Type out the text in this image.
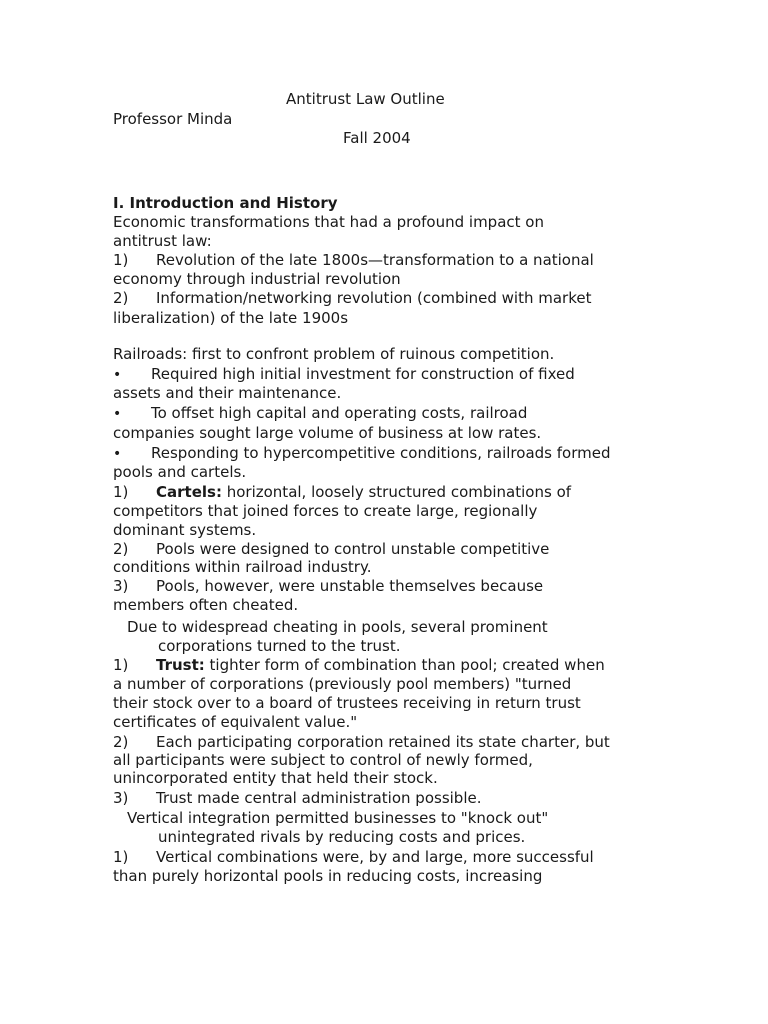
Antitrust Law Outline
Professor Minda
Fall 2004
I. Introduction and History
Economic transformations that had a profound impact on
antitrust law:
1) Revolution of the late 1800s—transformation to a national
economy through industrial revolution
2) Information/networking revolution (combined with market
liberalization) of the late 1900s
Railroads: first to confront problem of ruinous competition.
• Required high initial investment for construction of fixed
assets and their maintenance.
• To offset high capital and operating costs, railroad
companies sought large volume of business at low rates.
• Responding to hypercompetitive conditions, railroads formed
pools and cartels.
1) Cartels: horizontal, loosely structured combinations of
competitors that joined forces to create large, regionally
dominant systems.
2) Pools were designed to control unstable competitive
conditions within railroad industry.
3) Pools, however, were unstable themselves because
members often cheated.
Due to widespread cheating in pools, several prominent
corporations turned to the trust.
1) Trust: tighter form of combination than pool; created when
a number of corporations (previously pool members) "turned
their stock over to a board of trustees receiving in return trust
certificates of equivalent value."
2) Each participating corporation retained its state charter, but
all participants were subject to control of newly formed,
unincorporated entity that held their stock.
3) Trust made central administration possible.
Vertical integration permitted businesses to "knock out"
unintegrated rivals by reducing costs and prices.
1) Vertical combinations were, by and large, more successful
than purely horizontal pools in reducing costs, increasing
